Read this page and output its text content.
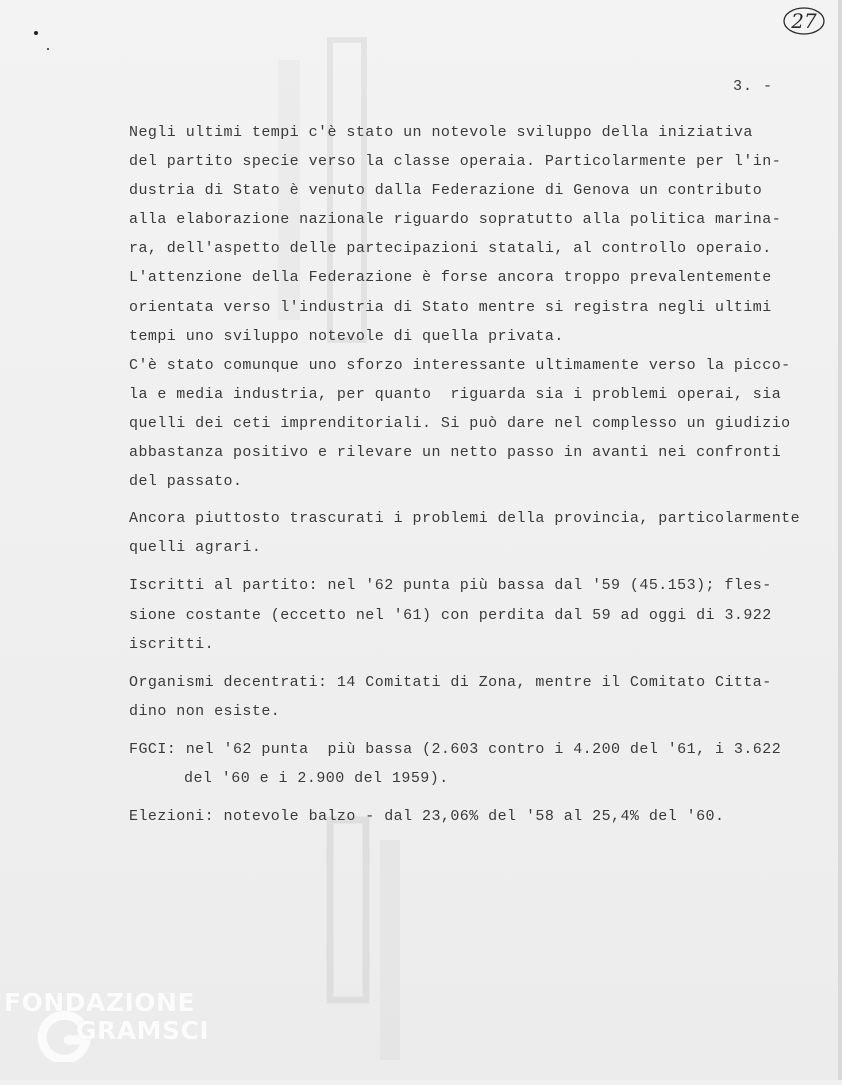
27
3. -
Negli ultimi tempi c'è stato un notevole sviluppo della iniziativa
del partito specie verso la classe operaia. Particolarmente per l'in-
dustria di Stato è venuto dalla Federazione di Genova un contributo
alla elaborazione nazionale riguardo sopratutto alla politica marina-
ra, dell'aspetto delle partecipazioni statali, al controllo operaio.
L'attenzione della Federazione è forse ancora troppo prevalentemente
orientata verso l'industria di Stato mentre si registra negli ultimi
tempi uno sviluppo notevole di quella privata.
C'è stato comunque uno sforzo interessante ultimamente verso la picco-
la e media industria, per quanto  riguarda sia i problemi operai, sia
quelli dei ceti imprenditoriali. Si può dare nel complesso un giudizio
abbastanza positivo e rilevare un netto passo in avanti nei confronti
del passato.
Ancora piuttosto trascurati i problemi della provincia, particolarmente
quelli agrari.
Iscritti al partito: nel '62 punta più bassa dal '59 (45.153); fles-
sione costante (eccetto nel '61) con perdita dal 59 ad oggi di 3.922
iscritti.
Organismi decentrati: 14 Comitati di Zona, mentre il Comitato Citta-
dino non esiste.
FGCI: nel '62 punta  più bassa (2.603 contro i 4.200 del '61, i 3.622
del '60 e i 2.900 del 1959).
Elezioni: notevole balzo - dal 23,06% del '58 al 25,4% del '60.
FONDAZIONE
GRAMSCI
